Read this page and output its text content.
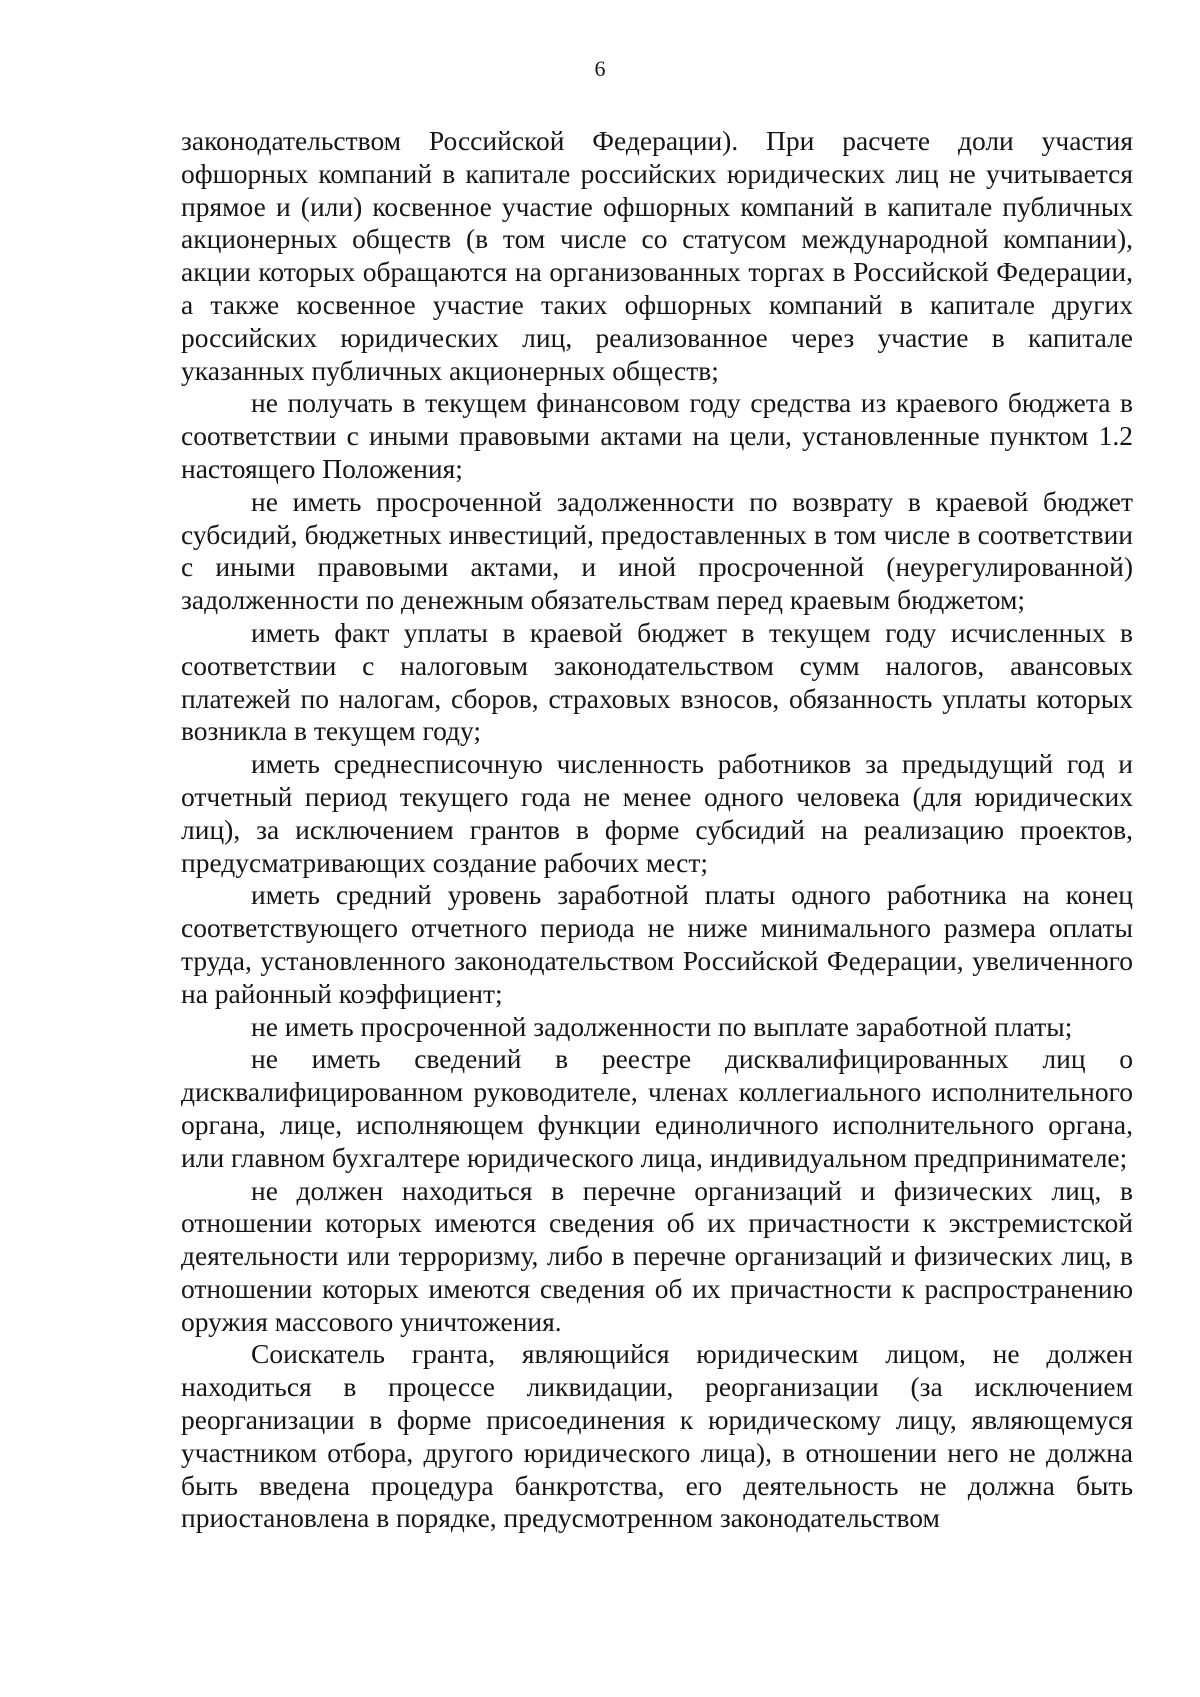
6

законодательством Российской Федерации). При расчете доли участия офшорных компаний в капитале российских юридических лиц не учитывается прямое и (или) косвенное участие офшорных компаний в капитале публичных акционерных обществ (в том числе со статусом международной компании), акции которых обращаются на организованных торгах в Российской Федерации, а также косвенное участие таких офшорных компаний в капитале других российских юридических лиц, реализованное через участие в капитале указанных публичных акционерных обществ;

не получать в текущем финансовом году средства из краевого бюджета в соответствии с иными правовыми актами на цели, установленные пунктом 1.2 настоящего Положения;

не иметь просроченной задолженности по возврату в краевой бюджет субсидий, бюджетных инвестиций, предоставленных в том числе в соответствии с иными правовыми актами, и иной просроченной (неурегулированной) задолженности по денежным обязательствам перед краевым бюджетом;

иметь факт уплаты в краевой бюджет в текущем году исчисленных в соответствии с налоговым законодательством сумм налогов, авансовых платежей по налогам, сборов, страховых взносов, обязанность уплаты которых возникла в текущем году;

иметь среднесписочную численность работников за предыдущий год и отчетный период текущего года не менее одного человека (для юридических лиц), за исключением грантов в форме субсидий на реализацию проектов, предусматривающих создание рабочих мест;

иметь средний уровень заработной платы одного работника на конец соответствующего отчетного периода не ниже минимального размера оплаты труда, установленного законодательством Российской Федерации, увеличенного на районный коэффициент;

не иметь просроченной задолженности по выплате заработной платы;

не иметь сведений в реестре дисквалифицированных лиц о дисквалифицированном руководителе, членах коллегиального исполнительного органа, лице, исполняющем функции единоличного исполнительного органа, или главном бухгалтере юридического лица, индивидуальном предпринимателе;

не должен находиться в перечне организаций и физических лиц, в отношении которых имеются сведения об их причастности к экстремистской деятельности или терроризму, либо в перечне организаций и физических лиц, в отношении которых имеются сведения об их причастности к распространению оружия массового уничтожения.

Соискатель гранта, являющийся юридическим лицом, не должен находиться в процессе ликвидации, реорганизации (за исключением реорганизации в форме присоединения к юридическому лицу, являющемуся участником отбора, другого юридического лица), в отношении него не должна быть введена процедура банкротства, его деятельность не должна быть приостановлена в порядке, предусмотренном законодательством
